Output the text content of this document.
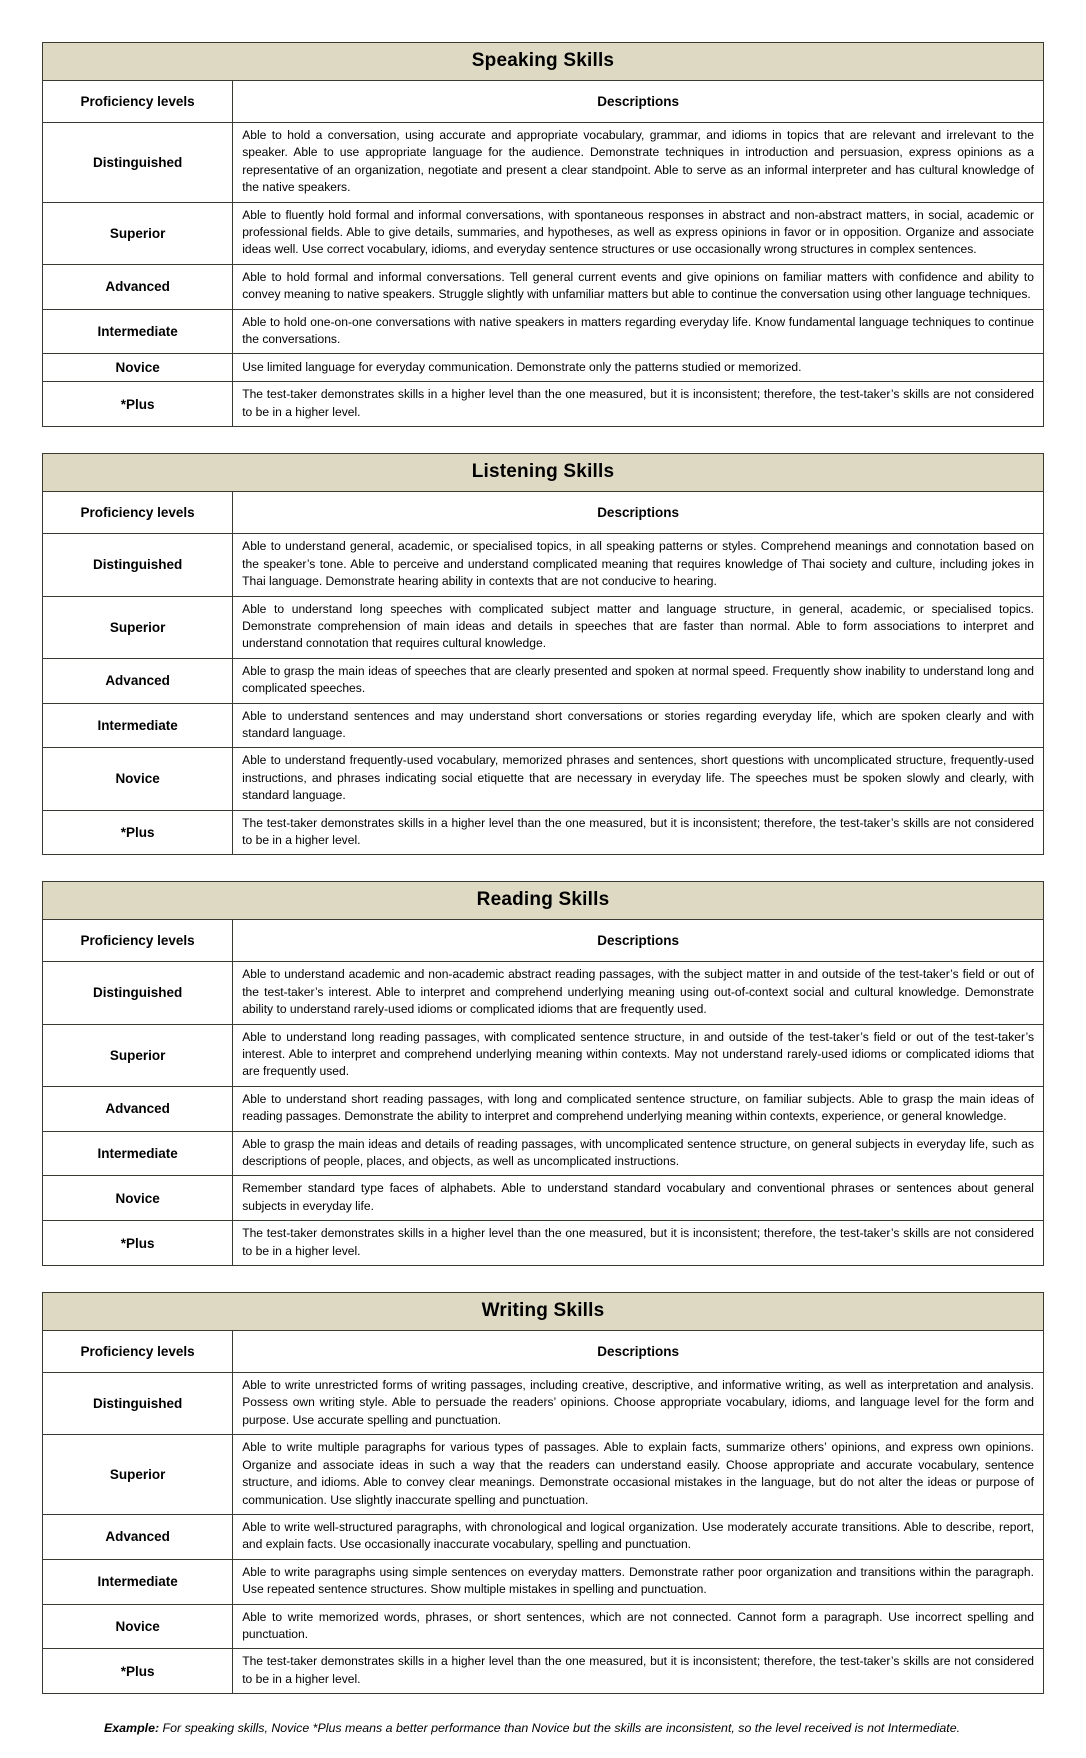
Speaking Skills	
Proficiency levels	Descriptions
Distinguished	Able to hold a conversation, using accurate and appropriate vocabulary, grammar, and idioms in topics that are relevant and irrelevant to the speaker. Able to use appropriate language for the audience. Demonstrate techniques in introduction and persuasion, express opinions as a representative of an organization, negotiate and present a clear standpoint. Able to serve as an informal interpreter and has cultural knowledge of the native speakers.
Superior	Able to fluently hold formal and informal conversations, with spontaneous responses in abstract and non-abstract matters, in social, academic or professional fields. Able to give details, summaries, and hypotheses, as well as express opinions in favor or in opposition. Organize and associate ideas well. Use correct vocabulary, idioms, and everyday sentence structures or use occasionally wrong structures in complex sentences.
Advanced	Able to hold formal and informal conversations. Tell general current events and give opinions on familiar matters with confidence and ability to convey meaning to native speakers. Struggle slightly with unfamiliar matters but able to continue the conversation using other language techniques.
Intermediate	Able to hold one-on-one conversations with native speakers in matters regarding everyday life. Know fundamental language techniques to continue the conversations.
Novice	Use limited language for everyday communication. Demonstrate only the patterns studied or memorized.
*Plus	The test-taker demonstrates skills in a higher level than the one measured, but it is inconsistent; therefore, the test-taker’s skills are not considered to be in a higher level.
Listening Skills	
Proficiency levels	Descriptions
Distinguished	Able to understand general, academic, or specialised topics, in all speaking patterns or styles. Comprehend meanings and connotation based on the speaker’s tone. Able to perceive and understand complicated meaning that requires knowledge of Thai society and culture, including jokes in Thai language. Demonstrate hearing ability in contexts that are not conducive to hearing.
Superior	Able to understand long speeches with complicated subject matter and language structure, in general, academic, or specialised topics. Demonstrate comprehension of main ideas and details in speeches that are faster than normal. Able to form associations to interpret and understand connotation that requires cultural knowledge.
Advanced	Able to grasp the main ideas of speeches that are clearly presented and spoken at normal speed. Frequently show inability to understand long and complicated speeches.
Intermediate	Able to understand sentences and may understand short conversations or stories regarding everyday life, which are spoken clearly and with standard language.
Novice	Able to understand frequently-used vocabulary, memorized phrases and sentences, short questions with uncomplicated structure, frequently-used instructions, and phrases indicating social etiquette that are necessary in everyday life. The speeches must be spoken slowly and clearly, with standard language.
*Plus	The test-taker demonstrates skills in a higher level than the one measured, but it is inconsistent; therefore, the test-taker’s skills are not considered to be in a higher level.
Reading Skills	
Proficiency levels	Descriptions
Distinguished	Able to understand academic and non-academic abstract reading passages, with the subject matter in and outside of the test-taker’s field or out of the test-taker’s interest. Able to interpret and comprehend underlying meaning using out-of-context social and cultural knowledge. Demonstrate ability to understand rarely-used idioms or complicated idioms that are frequently used.
Superior	Able to understand long reading passages, with complicated sentence structure, in and outside of the test-taker’s field or out of the test-taker’s interest. Able to interpret and comprehend underlying meaning within contexts. May not understand rarely-used idioms or complicated idioms that are frequently used.
Advanced	Able to understand short reading passages, with long and complicated sentence structure, on familiar subjects. Able to grasp the main ideas of reading passages. Demonstrate the ability to interpret and comprehend underlying meaning within contexts, experience, or general knowledge.
Intermediate	Able to grasp the main ideas and details of reading passages, with uncomplicated sentence structure, on general subjects in everyday life, such as descriptions of people, places, and objects, as well as uncomplicated instructions.
Novice	Remember standard type faces of alphabets. Able to understand standard vocabulary and conventional phrases or sentences about general subjects in everyday life.
*Plus	The test-taker demonstrates skills in a higher level than the one measured, but it is inconsistent; therefore, the test-taker’s skills are not considered to be in a higher level.
Writing Skills	
Proficiency levels	Descriptions
Distinguished	Able to write unrestricted forms of writing passages, including creative, descriptive, and informative writing, as well as interpretation and analysis. Possess own writing style. Able to persuade the readers’ opinions. Choose appropriate vocabulary, idioms, and language level for the form and purpose. Use accurate spelling and punctuation.
Superior	Able to write multiple paragraphs for various types of passages. Able to explain facts, summarize others’ opinions, and express own opinions. Organize and associate ideas in such a way that the readers can understand easily. Choose appropriate and accurate vocabulary, sentence structure, and idioms. Able to convey clear meanings. Demonstrate occasional mistakes in the language, but do not alter the ideas or purpose of communication. Use slightly inaccurate spelling and punctuation.
Advanced	Able to write well-structured paragraphs, with chronological and logical organization. Use moderately accurate transitions. Able to describe, report, and explain facts. Use occasionally inaccurate vocabulary, spelling and punctuation.
Intermediate	Able to write paragraphs using simple sentences on everyday matters. Demonstrate rather poor organization and transitions within the paragraph. Use repeated sentence structures. Show multiple mistakes in spelling and punctuation.
Novice	Able to write memorized words, phrases, or short sentences, which are not connected. Cannot form a paragraph. Use incorrect spelling and punctuation.
*Plus	The test-taker demonstrates skills in a higher level than the one measured, but it is inconsistent; therefore, the test-taker’s skills are not considered to be in a higher level.
Example: For speaking skills, Novice *Plus means a better performance than Novice but the skills are inconsistent, so the level received is not Intermediate.
